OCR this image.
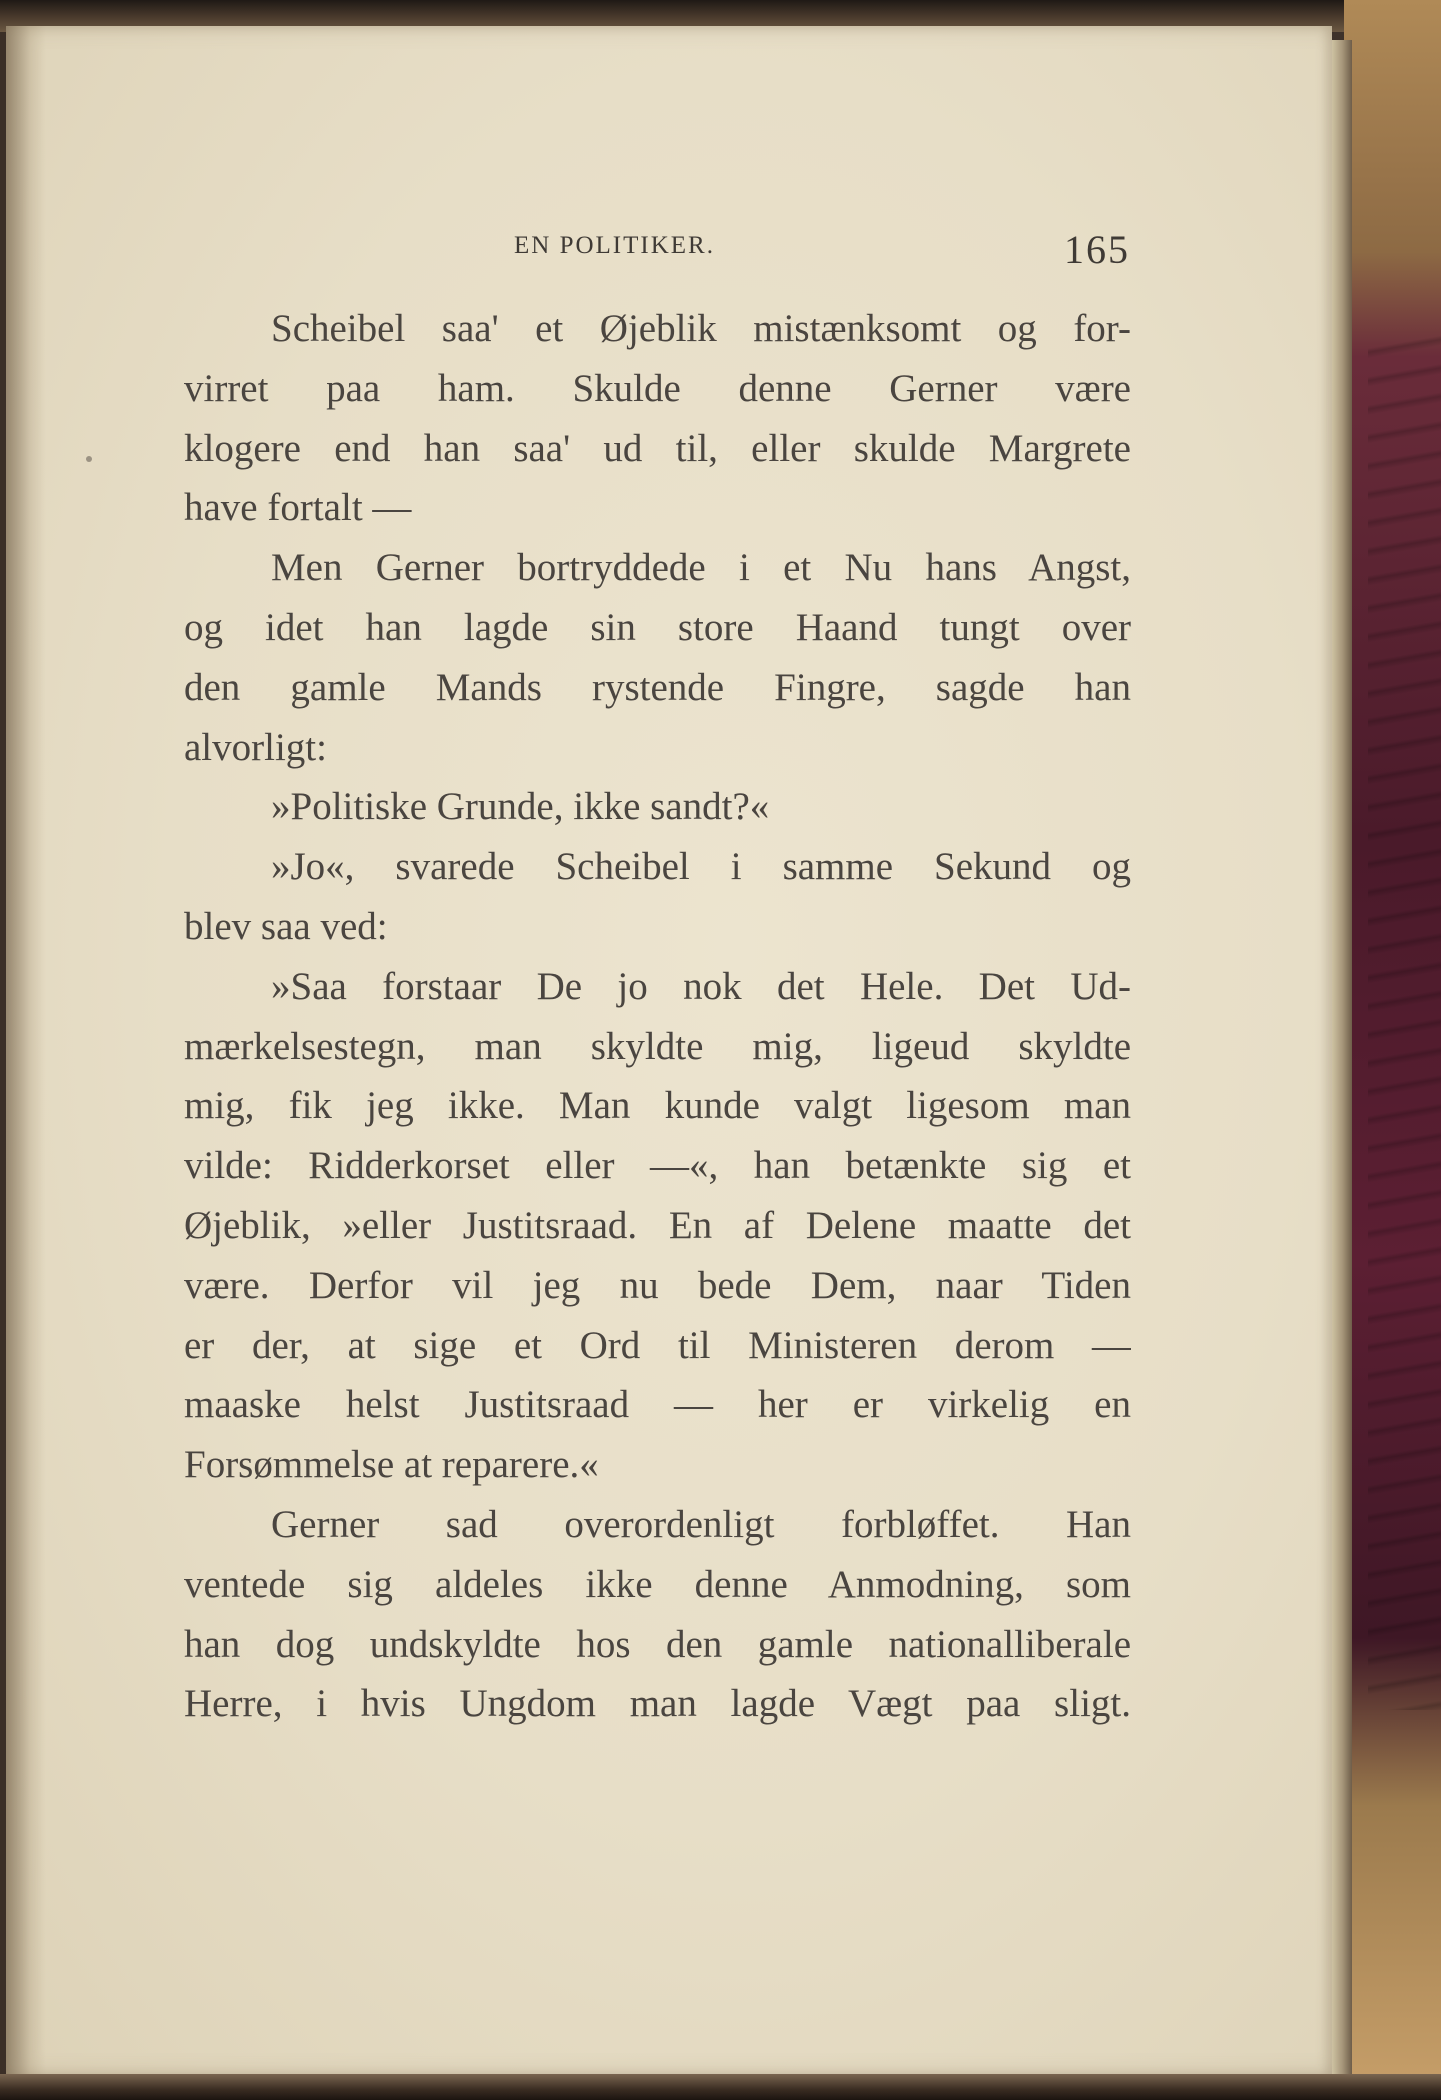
EN POLITIKER.	165
Scheibel saa' et Øjeblik mistænksomt og for-
virret paa ham. Skulde denne Gerner være
klogere end han saa' ud til, eller skulde Margrete
have fortalt —
Men Gerner bortryddede i et Nu hans Angst,
og idet han lagde sin store Haand tungt over
den gamle Mands rystende Fingre, sagde han
alvorligt:
»Politiske Grunde, ikke sandt?«
»Jo«, svarede Scheibel i samme Sekund og
blev saa ved:
»Saa forstaar De jo nok det Hele. Det Ud-
mærkelsestegn, man skyldte mig, ligeud skyldte
mig, fik jeg ikke. Man kunde valgt ligesom man
vilde: Ridderkorset eller —«, han betænkte sig et
Øjeblik, »eller Justitsraad. En af Delene maatte det
være. Derfor vil jeg nu bede Dem, naar Tiden
er der, at sige et Ord til Ministeren derom —
maaske helst Justitsraad — her er virkelig en
Forsømmelse at reparere.«
Gerner sad overordenligt forbløffet. Han
ventede sig aldeles ikke denne Anmodning, som
han dog undskyldte hos den gamle nationalliberale
Herre, i hvis Ungdom man lagde Vægt paa sligt.
